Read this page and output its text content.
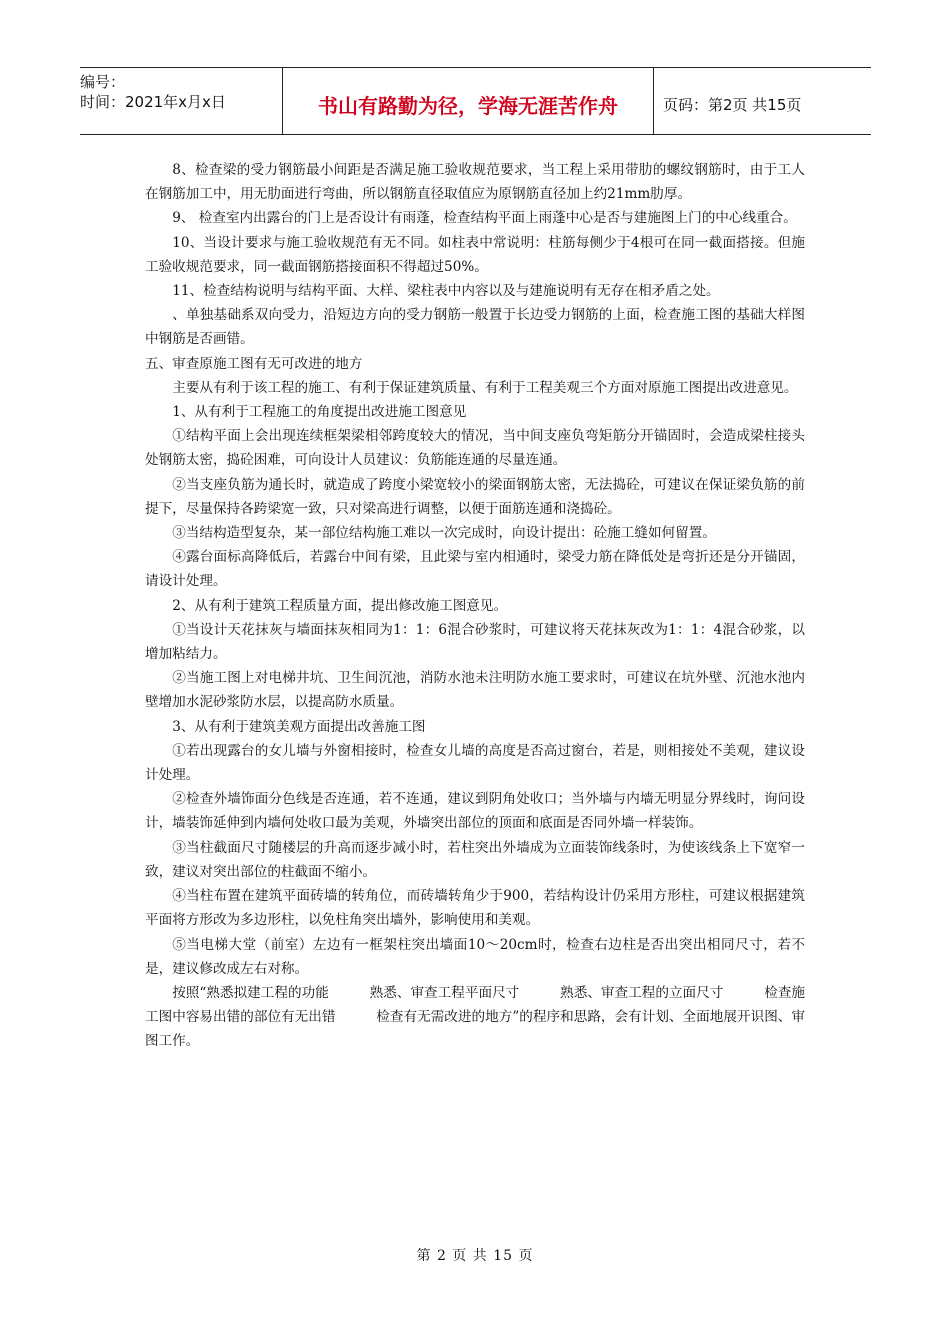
编号：
时间：2021年x月x日	书山有路勤为径，学海无涯苦作舟	页码：第2页 共15页

8、检查梁的受力钢筋最小间距是否满足施工验收规范要求，当工程上采用带肋的螺纹钢筋时，由于工人在钢筋加工中，用无肋面进行弯曲，所以钢筋直径取值应为原钢筋直径加上约21mm肋厚。

9、 检查室内出露台的门上是否设计有雨蓬，检查结构平面上雨蓬中心是否与建施图上门的中心线重合。

10、当设计要求与施工验收规范有无不同。如柱表中常说明：柱筋每侧少于4根可在同一截面搭接。但施工验收规范要求，同一截面钢筋搭接面积不得超过50%。

11、检查结构说明与结构平面、大样、梁柱表中内容以及与建施说明有无存在相矛盾之处。

、单独基础系双向受力，沿短边方向的受力钢筋一般置于长边受力钢筋的上面，检查施工图的基础大样图中钢筋是否画错。

五、审查原施工图有无可改进的地方

主要从有利于该工程的施工、有利于保证建筑质量、有利于工程美观三个方面对原施工图提出改进意见。

1、从有利于工程施工的角度提出改进施工图意见

①结构平面上会出现连续框架梁相邻跨度较大的情况，当中间支座负弯矩筋分开锚固时，会造成梁柱接头处钢筋太密，捣砼困难，可向设计人员建议：负筋能连通的尽量连通。

②当支座负筋为通长时，就造成了跨度小梁宽较小的梁面钢筋太密，无法捣砼，可建议在保证梁负筋的前提下，尽量保持各跨梁宽一致，只对梁高进行调整，以便于面筋连通和浇捣砼。

③当结构造型复杂，某一部位结构施工难以一次完成时，向设计提出：砼施工缝如何留置。

④露台面标高降低后，若露台中间有梁，且此梁与室内相通时，梁受力筋在降低处是弯折还是分开锚固，请设计处理。

2、从有利于建筑工程质量方面，提出修改施工图意见。

①当设计天花抹灰与墙面抹灰相同为1：1：6混合砂浆时，可建议将天花抹灰改为1：1：4混合砂浆，以增加粘结力。

②当施工图上对电梯井坑、卫生间沉池，消防水池未注明防水施工要求时，可建议在坑外壁、沉池水池内壁增加水泥砂浆防水层，以提高防水质量。

3、从有利于建筑美观方面提出改善施工图

①若出现露台的女儿墙与外窗相接时，检查女儿墙的高度是否高过窗台，若是，则相接处不美观，建议设计处理。

②检查外墙饰面分色线是否连通，若不连通，建议到阴角处收口；当外墙与内墙无明显分界线时，询问设计，墙装饰延伸到内墙何处收口最为美观，外墙突出部位的顶面和底面是否同外墙一样装饰。

③当柱截面尺寸随楼层的升高而逐步减小时，若柱突出外墙成为立面装饰线条时，为使该线条上下宽窄一致，建议对突出部位的柱截面不缩小。

④当柱布置在建筑平面砖墙的转角位，而砖墙转角少于900，若结构设计仍采用方形柱，可建议根据建筑平面将方形改为多边形柱，以免柱角突出墙外，影响使用和美观。

⑤当电梯大堂（前室）左边有一框架柱突出墙面10～20cm时，检查右边柱是否出突出相同尺寸，若不是，建议修改成左右对称。

按照“熟悉拟建工程的功能　　　熟悉、审查工程平面尺寸　　　熟悉、审查工程的立面尺寸　　　检查施工图中容易出错的部位有无出错　　　检查有无需改进的地方”的程序和思路，会有计划、全面地展开识图、审图工作。

第 2 页 共 15 页
